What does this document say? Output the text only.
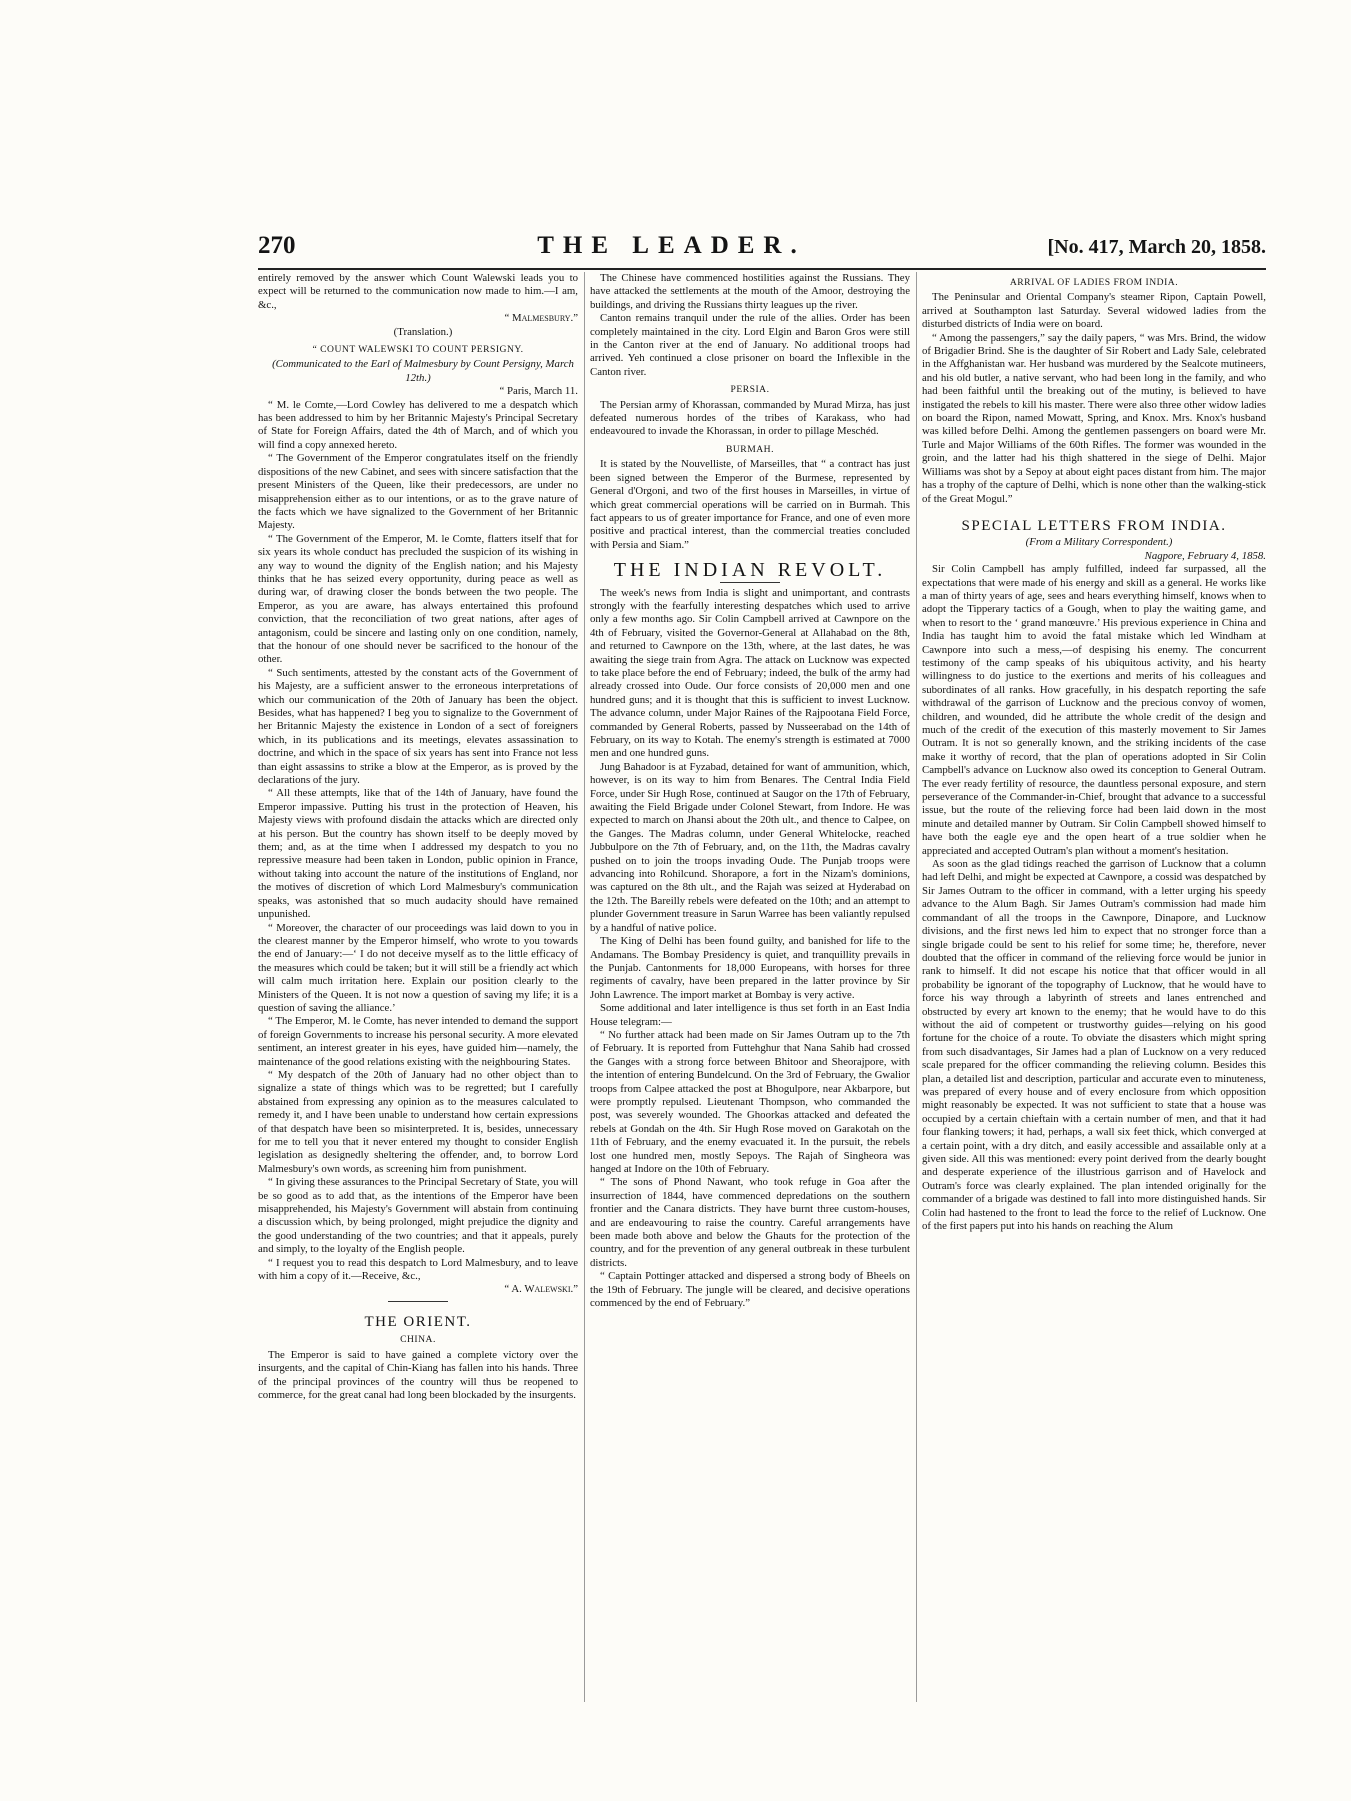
270	THE LEADER.	[No. 417, March 20, 1858.

entirely removed by the answer which Count Walewski leads you to expect will be returned to the communication now made to him.—I am, &c.,

“ Malmesbury.”

(Translation.)

“ COUNT WALEWSKI TO COUNT PERSIGNY.

(Communicated to the Earl of Malmesbury by Count Persigny, March 12th.)

“ Paris, March 11.

“ M. le Comte,—Lord Cowley has delivered to me a despatch which has been addressed to him by her Britannic Majesty's Principal Secretary of State for Foreign Affairs, dated the 4th of March, and of which you will find a copy annexed hereto.

“ The Government of the Emperor congratulates itself on the friendly dispositions of the new Cabinet, and sees with sincere satisfaction that the present Ministers of the Queen, like their predecessors, are under no misapprehension either as to our intentions, or as to the grave nature of the facts which we have signalized to the Government of her Britannic Majesty.

“ The Government of the Emperor, M. le Comte, flatters itself that for six years its whole conduct has precluded the suspicion of its wishing in any way to wound the dignity of the English nation; and his Majesty thinks that he has seized every opportunity, during peace as well as during war, of drawing closer the bonds between the two people. The Emperor, as you are aware, has always entertained this profound conviction, that the reconciliation of two great nations, after ages of antagonism, could be sincere and lasting only on one condition, namely, that the honour of one should never be sacrificed to the honour of the other.

“ Such sentiments, attested by the constant acts of the Government of his Majesty, are a sufficient answer to the erroneous interpretations of which our communication of the 20th of January has been the object. Besides, what has happened? I beg you to signalize to the Government of her Britannic Majesty the existence in London of a sect of foreigners which, in its publications and its meetings, elevates assassination to doctrine, and which in the space of six years has sent into France not less than eight assassins to strike a blow at the Emperor, as is proved by the declarations of the jury.

“ All these attempts, like that of the 14th of January, have found the Emperor impassive. Putting his trust in the protection of Heaven, his Majesty views with profound disdain the attacks which are directed only at his person. But the country has shown itself to be deeply moved by them; and, as at the time when I addressed my despatch to you no repressive measure had been taken in London, public opinion in France, without taking into account the nature of the institutions of England, nor the motives of discretion of which Lord Malmesbury's communication speaks, was astonished that so much audacity should have remained unpunished.

“ Moreover, the character of our proceedings was laid down to you in the clearest manner by the Emperor himself, who wrote to you towards the end of January:—‘ I do not deceive myself as to the little efficacy of the measures which could be taken; but it will still be a friendly act which will calm much irritation here. Explain our position clearly to the Ministers of the Queen. It is not now a question of saving my life; it is a question of saving the alliance.’

“ The Emperor, M. le Comte, has never intended to demand the support of foreign Governments to increase his personal security. A more elevated sentiment, an interest greater in his eyes, have guided him—namely, the maintenance of the good relations existing with the neighbouring States.

“ My despatch of the 20th of January had no other object than to signalize a state of things which was to be regretted; but I carefully abstained from expressing any opinion as to the measures calculated to remedy it, and I have been unable to understand how certain expressions of that despatch have been so misinterpreted. It is, besides, unnecessary for me to tell you that it never entered my thought to consider English legislation as designedly sheltering the offender, and, to borrow Lord Malmesbury's own words, as screening him from punishment.

“ In giving these assurances to the Principal Secretary of State, you will be so good as to add that, as the intentions of the Emperor have been misapprehended, his Majesty's Government will abstain from continuing a discussion which, by being prolonged, might prejudice the dignity and the good understanding of the two countries; and that it appeals, purely and simply, to the loyalty of the English people.

“ I request you to read this despatch to Lord Malmesbury, and to leave with him a copy of it.—Receive, &c.,

“ A. Walewski.”

THE ORIENT.
CHINA.

The Emperor is said to have gained a complete victory over the insurgents, and the capital of Chin-Kiang has fallen into his hands. Three of the principal provinces of the country will thus be reopened to commerce, for the great canal had long been blockaded by the insurgents.

The Chinese have commenced hostilities against the Russians. They have attacked the settlements at the mouth of the Amoor, destroying the buildings, and driving the Russians thirty leagues up the river.

Canton remains tranquil under the rule of the allies. Order has been completely maintained in the city. Lord Elgin and Baron Gros were still in the Canton river at the end of January. No additional troops had arrived. Yeh continued a close prisoner on board the Inflexible in the Canton river.

PERSIA.

The Persian army of Khorassan, commanded by Murad Mirza, has just defeated numerous hordes of the tribes of Karakass, who had endeavoured to invade the Khorassan, in order to pillage Meschéd.

BURMAH.

It is stated by the Nouvelliste, of Marseilles, that “ a contract has just been signed between the Emperor of the Burmese, represented by General d'Orgoni, and two of the first houses in Marseilles, in virtue of which great commercial operations will be carried on in Burmah. This fact appears to us of greater importance for France, and one of even more positive and practical interest, than the commercial treaties concluded with Persia and Siam.”

THE INDIAN REVOLT.

The week's news from India is slight and unimportant, and contrasts strongly with the fearfully interesting despatches which used to arrive only a few months ago. Sir Colin Campbell arrived at Cawnpore on the 4th of February, visited the Governor-General at Allahabad on the 8th, and returned to Cawnpore on the 13th, where, at the last dates, he was awaiting the siege train from Agra. The attack on Lucknow was expected to take place before the end of February; indeed, the bulk of the army had already crossed into Oude. Our force consists of 20,000 men and one hundred guns; and it is thought that this is sufficient to invest Lucknow. The advance column, under Major Raines of the Rajpootana Field Force, commanded by General Roberts, passed by Nusseerabad on the 14th of February, on its way to Kotah. The enemy's strength is estimated at 7000 men and one hundred guns.

Jung Bahadoor is at Fyzabad, detained for want of ammunition, which, however, is on its way to him from Benares. The Central India Field Force, under Sir Hugh Rose, continued at Saugor on the 17th of February, awaiting the Field Brigade under Colonel Stewart, from Indore. He was expected to march on Jhansi about the 20th ult., and thence to Calpee, on the Ganges. The Madras column, under General Whitelocke, reached Jubbulpore on the 7th of February, and, on the 11th, the Madras cavalry pushed on to join the troops invading Oude. The Punjab troops were advancing into Rohilcund. Shorapore, a fort in the Nizam's dominions, was captured on the 8th ult., and the Rajah was seized at Hyderabad on the 12th. The Bareilly rebels were defeated on the 10th; and an attempt to plunder Government treasure in Sarun Warree has been valiantly repulsed by a handful of native police.

The King of Delhi has been found guilty, and banished for life to the Andamans. The Bombay Presidency is quiet, and tranquillity prevails in the Punjab. Cantonments for 18,000 Europeans, with horses for three regiments of cavalry, have been prepared in the latter province by Sir John Lawrence. The import market at Bombay is very active.

Some additional and later intelligence is thus set forth in an East India House telegram:—

“ No further attack had been made on Sir James Outram up to the 7th of February. It is reported from Futtehghur that Nana Sahib had crossed the Ganges with a strong force between Bhitoor and Sheorajpore, with the intention of entering Bundelcund. On the 3rd of February, the Gwalior troops from Calpee attacked the post at Bhogulpore, near Akbarpore, but were promptly repulsed. Lieutenant Thompson, who commanded the post, was severely wounded. The Ghoorkas attacked and defeated the rebels at Gondah on the 4th. Sir Hugh Rose moved on Garakotah on the 11th of February, and the enemy evacuated it. In the pursuit, the rebels lost one hundred men, mostly Sepoys. The Rajah of Singheora was hanged at Indore on the 10th of February.

“ The sons of Phond Nawant, who took refuge in Goa after the insurrection of 1844, have commenced depredations on the southern frontier and the Canara districts. They have burnt three custom-houses, and are endeavouring to raise the country. Careful arrangements have been made both above and below the Ghauts for the protection of the country, and for the prevention of any general outbreak in these turbulent districts.

“ Captain Pottinger attacked and dispersed a strong body of Bheels on the 19th of February. The jungle will be cleared, and decisive operations commenced by the end of February.”

ARRIVAL OF LADIES FROM INDIA.

The Peninsular and Oriental Company's steamer Ripon, Captain Powell, arrived at Southampton last Saturday. Several widowed ladies from the disturbed districts of India were on board.

“ Among the passengers,” say the daily papers, “ was Mrs. Brind, the widow of Brigadier Brind. She is the daughter of Sir Robert and Lady Sale, celebrated in the Affghanistan war. Her husband was murdered by the Sealcote mutineers, and his old butler, a native servant, who had been long in the family, and who had been faithful until the breaking out of the mutiny, is believed to have instigated the rebels to kill his master. There were also three other widow ladies on board the Ripon, named Mowatt, Spring, and Knox. Mrs. Knox's husband was killed before Delhi. Among the gentlemen passengers on board were Mr. Turle and Major Williams of the 60th Rifles. The former was wounded in the groin, and the latter had his thigh shattered in the siege of Delhi. Major Williams was shot by a Sepoy at about eight paces distant from him. The major has a trophy of the capture of Delhi, which is none other than the walking-stick of the Great Mogul.”

SPECIAL LETTERS FROM INDIA.

(From a Military Correspondent.)

Nagpore, February 4, 1858.

Sir Colin Campbell has amply fulfilled, indeed far surpassed, all the expectations that were made of his energy and skill as a general. He works like a man of thirty years of age, sees and hears everything himself, knows when to adopt the Tipperary tactics of a Gough, when to play the waiting game, and when to resort to the ‘ grand manœuvre.’ His previous experience in China and India has taught him to avoid the fatal mistake which led Windham at Cawnpore into such a mess,—of despising his enemy. The concurrent testimony of the camp speaks of his ubiquitous activity, and his hearty willingness to do justice to the exertions and merits of his colleagues and subordinates of all ranks. How gracefully, in his despatch reporting the safe withdrawal of the garrison of Lucknow and the precious convoy of women, children, and wounded, did he attribute the whole credit of the design and much of the credit of the execution of this masterly movement to Sir James Outram. It is not so generally known, and the striking incidents of the case make it worthy of record, that the plan of operations adopted in Sir Colin Campbell's advance on Lucknow also owed its conception to General Outram. The ever ready fertility of resource, the dauntless personal exposure, and stern perseverance of the Commander-in-Chief, brought that advance to a successful issue, but the route of the relieving force had been laid down in the most minute and detailed manner by Outram. Sir Colin Campbell showed himself to have both the eagle eye and the open heart of a true soldier when he appreciated and accepted Outram's plan without a moment's hesitation.

As soon as the glad tidings reached the garrison of Lucknow that a column had left Delhi, and might be expected at Cawnpore, a cossid was despatched by Sir James Outram to the officer in command, with a letter urging his speedy advance to the Alum Bagh. Sir James Outram's commission had made him commandant of all the troops in the Cawnpore, Dinapore, and Lucknow divisions, and the first news led him to expect that no stronger force than a single brigade could be sent to his relief for some time; he, therefore, never doubted that the officer in command of the relieving force would be junior in rank to himself. It did not escape his notice that that officer would in all probability be ignorant of the topography of Lucknow, that he would have to force his way through a labyrinth of streets and lanes entrenched and obstructed by every art known to the enemy; that he would have to do this without the aid of competent or trustworthy guides—relying on his good fortune for the choice of a route. To obviate the disasters which might spring from such disadvantages, Sir James had a plan of Lucknow on a very reduced scale prepared for the officer commanding the relieving column. Besides this plan, a detailed list and description, particular and accurate even to minuteness, was prepared of every house and of every enclosure from which opposition might reasonably be expected. It was not sufficient to state that a house was occupied by a certain chieftain with a certain number of men, and that it had four flanking towers; it had, perhaps, a wall six feet thick, which converged at a certain point, with a dry ditch, and easily accessible and assailable only at a given side. All this was mentioned: every point derived from the dearly bought and desperate experience of the illustrious garrison and of Havelock and Outram's force was clearly explained. The plan intended originally for the commander of a brigade was destined to fall into more distinguished hands. Sir Colin had hastened to the front to lead the force to the relief of Lucknow. One of the first papers put into his hands on reaching the Alum
